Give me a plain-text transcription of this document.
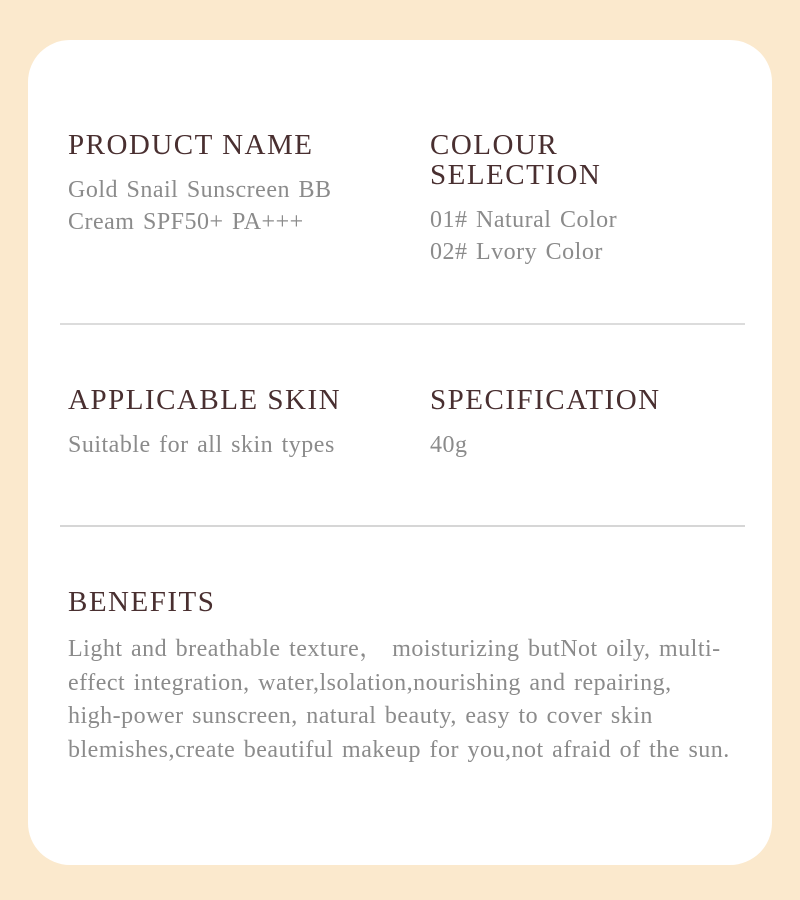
PRODUCT NAME

Gold Snail Sunscreen BB

Cream SPF50+ PA+++

COLOUR SELECTION

01# Natural Color

02# Lvory Color

APPLICABLE SKIN

Suitable for all skin types

SPECIFICATION

40g

BENEFITS

Light and breathable texture， moisturizing butNot oily, multi-effect integration, water,lsolation,nourishing and repairing, high-power sunscreen, natural beauty, easy to cover skin blemishes,create beautiful makeup for you,not afraid of the sun.
